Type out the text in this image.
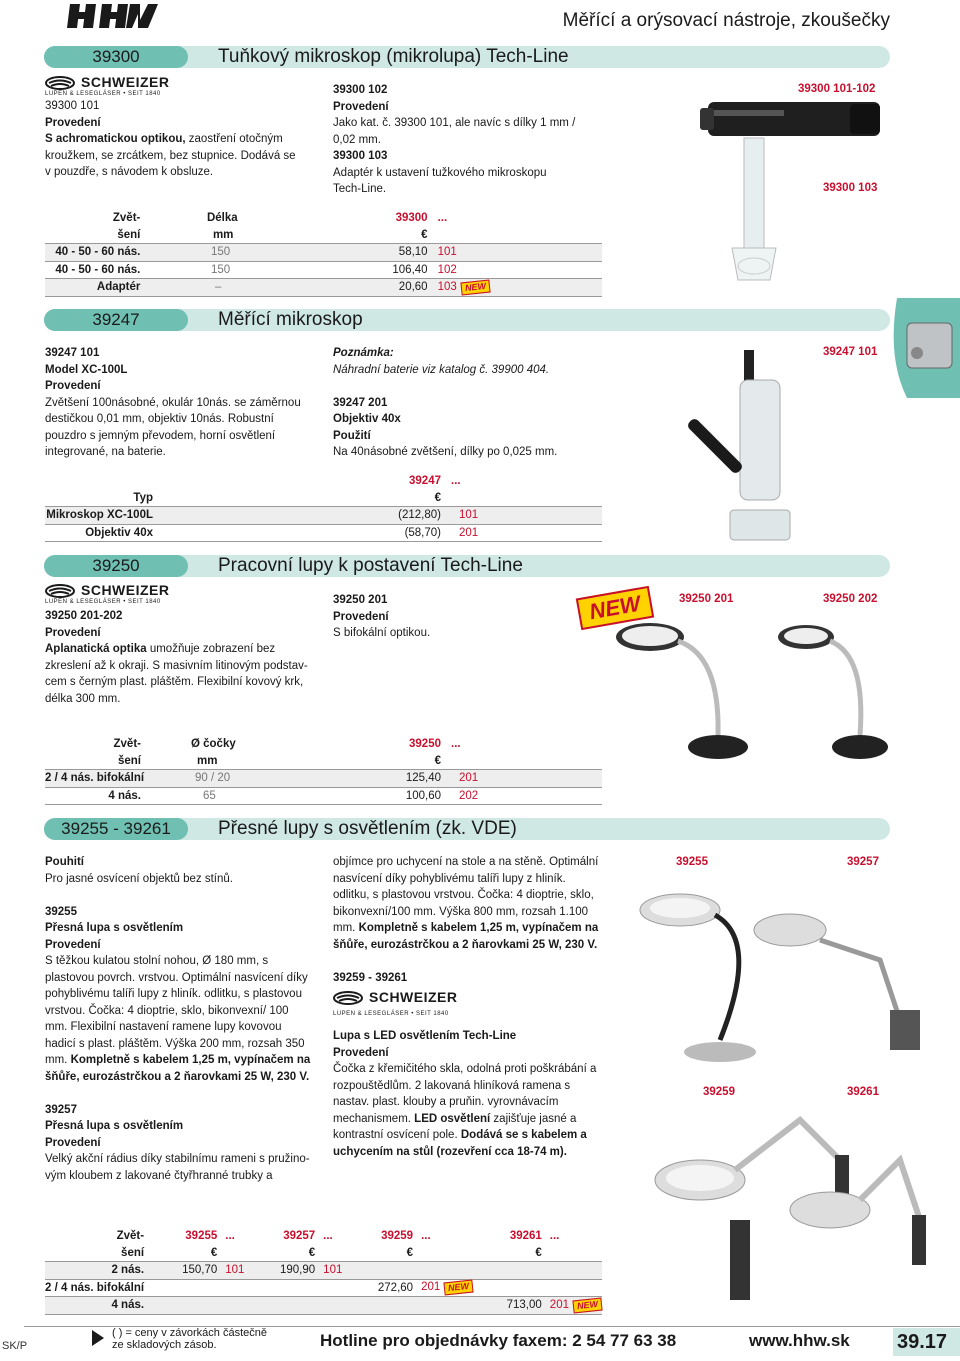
Měřící a orýsovací nástroje, zkoušečky
39300	Tuňkový mikroskop (mikrolupa) Tech-Line
SCHWEIZER
LUPEN & LESEGLÄSER • SEIT 1840

39300 101

Provedení

S achromatickou optikou, zaostření otočným

kroužkem, se zrcátkem, bez stupnice. Dodává se

v pouzdře, s návodem k obsluze.

39300 102

Provedení

Jako kat. č. 39300 101, ale navíc s dílky 1 mm /

0,02 mm.

39300 103

Adaptér k ustavení tužkového mikroskopu

Tech-Line.

39300 101-102
39300 103
Zvět-		Délka	39300	...	
šení		mm	€		
40 - 50 - 60 nás.		150	58,10	101	
40 - 50 - 60 nás.		150	106,40	102	
Adaptér		–	20,60	103 NEW	
39247	Měřící mikroskop

39247 101

Model XC-100L

Provedení

Zvětšení 100násobné, okulár 10nás. se záměrnou

destičkou 0,01 mm, objektiv 10nás. Robustní

pouzdro s jemným převodem, horní osvětlení

integrované, na baterie.

Poznámka:

Náhradní baterie viz katalog č. 39900 404.

39247 201

Objektiv 40x

Použití

Na 40násobné zvětšení, dílky po 0,025 mm.

39247 101
	39247	...	
Typ	€		
Mikroskop XC-100L	(212,80)	101	
Objektiv 40x	(58,70)	201	
39250	Pracovní lupy k postavení Tech-Line
SCHWEIZER
LUPEN & LESEGLÄSER • SEIT 1840

39250 201-202

Provedení

Aplanatická optika umožňuje zobrazení bez

zkreslení až k okraji. S masivním litinovým podstav-

cem s černým plast. pláštěm. Flexibilní kovový krk,

délka 300 mm.

39250 201

Provedení

S bifokální optikou.

NEW	39250 201	39250 202
Zvět-		Ø čočky	39250	...	
šení		mm	€		
2 / 4 nás. bifokální		90 / 20	125,40	201	
4 nás.		65	100,60	202	
39255 - 39261	Přesné lupy s osvětlením (zk. VDE)

Pouhití

Pro jasné osvícení objektů bez stínů.

39255

Přesná lupa s osvětlením

Provedení

S těžkou kulatou stolní nohou, Ø 180 mm, s

plastovou povrch. vrstvou. Optimální nasvícení díky

pohyblivému talíři lupy z hliník. odlitku, s plastovou

vrstvou. Čočka: 4 dioptrie, sklo, bikonvexní/ 100

mm. Flexibilní nastavení ramene lupy kovovou

hadicí s plast. pláštěm. Výška 200 mm, rozsah 350

mm. Kompletně s kabelem 1,25 m, vypínačem na

šňůře, eurozástrčkou a 2 ňarovkami 25 W, 230 V.

39257

Přesná lupa s osvětlením

Provedení

Velký akční rádius díky stabilnímu rameni s pružino-

vým kloubem z lakované čtyřhranné trubky a

objímce pro uchycení na stole a na stěně. Optimální

nasvícení díky pohyblivému talíři lupy z hliník.

odlitku, s plastovou vrstvou. Čočka: 4 dioptrie, sklo,

bikonvexní/100 mm. Výška 800 mm, rozsah 1.100

mm. Kompletně s kabelem 1,25 m, vypínačem na

šňůře, eurozástrčkou a 2 ňarovkami 25 W, 230 V.

39259 - 39261

SCHWEIZER
LUPEN & LESEGLÄSER • SEIT 1840

Lupa s LED osvětlením Tech-Line

Provedení

Čočka z křemičitého skla, odolná proti poškrábání a

rozpouštědlům. 2 lakovaná hliníková ramena s

nastav. plast. klouby a pruňin. vyrovnávacím

mechanismem. LED osvětlení zajišťuje jasné a

kontrastní osvícení pole. Dodává se s kabelem a

uchycením na stůl (rozevření cca 18-74 m).

39255	39257
39259	39261
Zvět-	39255	...	39257	...	39259	...	39261	...
šení	€		€		€		€	
2 nás.	150,70	101	190,90	101				
2 / 4 nás. bifokální					272,60	201 NEW		
4 nás.							713,00	201 NEW
SK/P
( ) = ceny v závorkách částečně
ze skladových zásob.	Hotline pro objednávky faxem: 2 54 77 63 38	www.hhw.sk 39.17
